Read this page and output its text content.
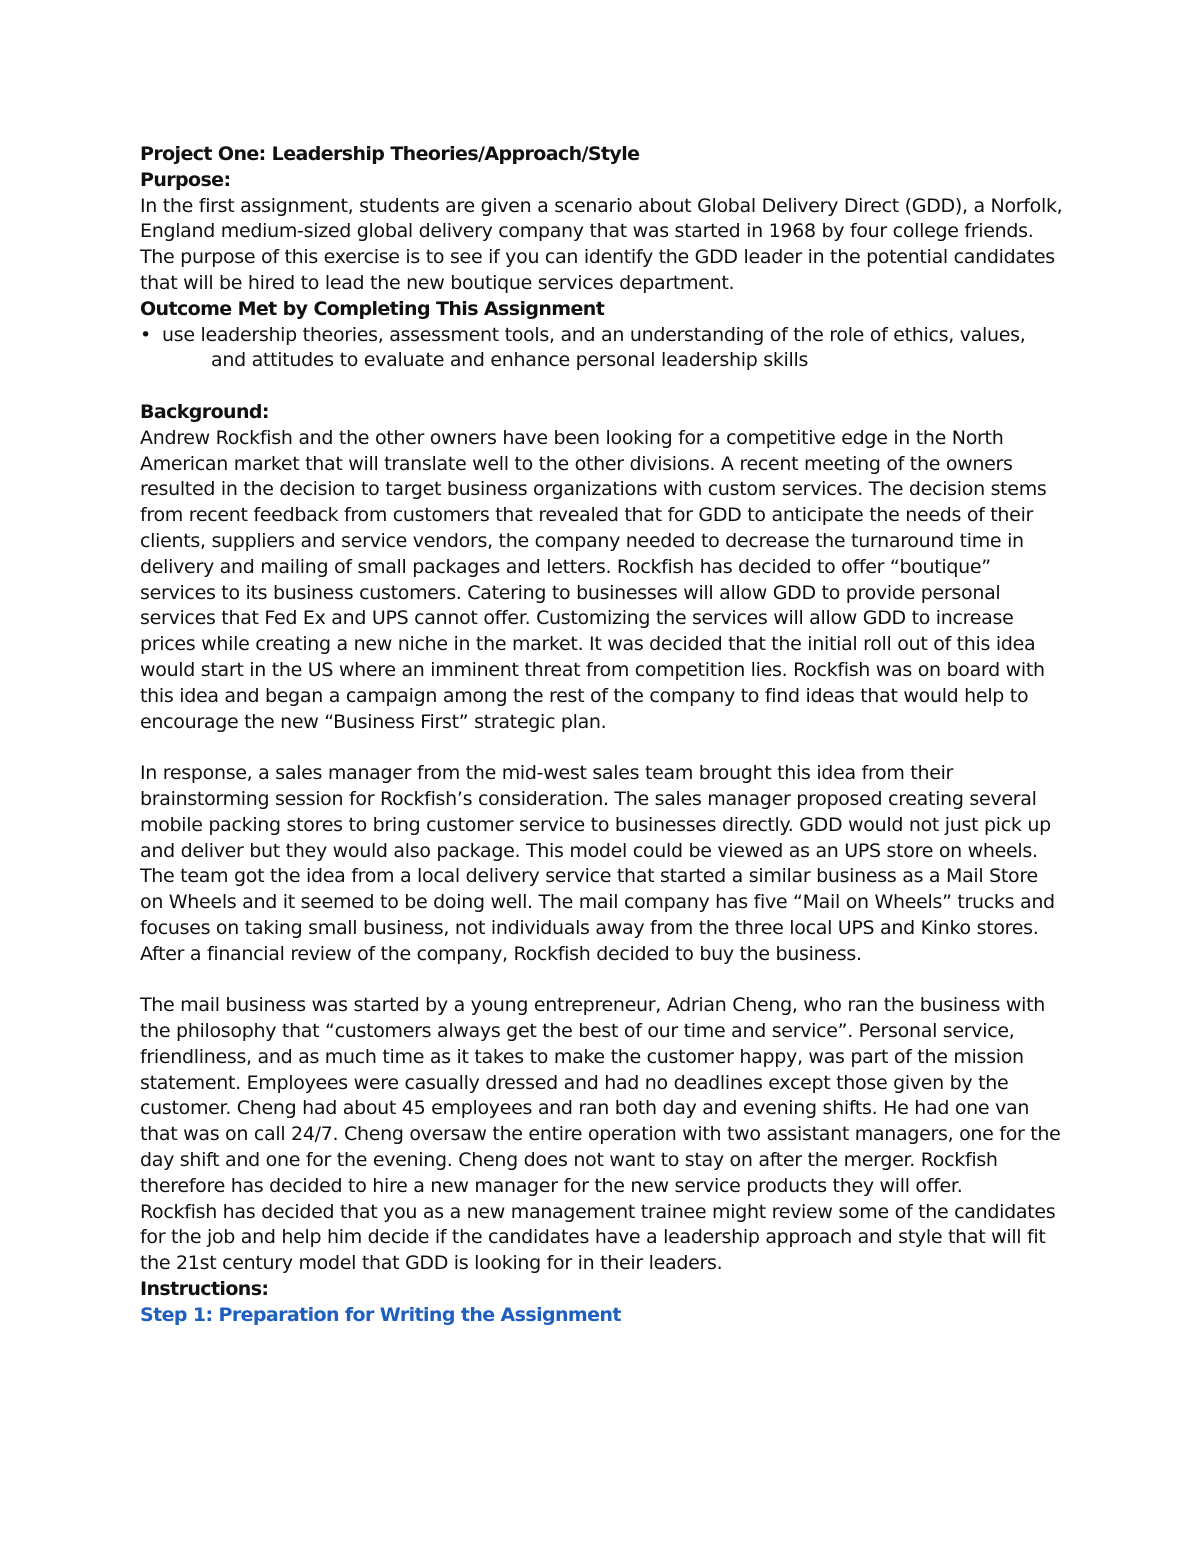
Project One: Leadership Theories/Approach/Style
Purpose:

In the first assignment, students are given a scenario about Global Delivery Direct (GDD), a Norfolk, England medium-sized global delivery company that was started in 1968 by four college friends. The purpose of this exercise is to see if you can identify the GDD leader in the potential candidates that will be hired to lead the new boutique services department.

Outcome Met by Completing This Assignment
• use leadership theories, assessment tools, and an understanding of the role of ethics, values,
and attitudes to evaluate and enhance personal leadership skills
Background:

Andrew Rockfish and the other owners have been looking for a competitive edge in the North American market that will translate well to the other divisions. A recent meeting of the owners resulted in the decision to target business organizations with custom services. The decision stems from recent feedback from customers that revealed that for GDD to anticipate the needs of their clients, suppliers and service vendors, the company needed to decrease the turnaround time in delivery and mailing of small packages and letters. Rockfish has decided to offer “boutique” services to its business customers. Catering to businesses will allow GDD to provide personal services that Fed Ex and UPS cannot offer. Customizing the services will allow GDD to increase prices while creating a new niche in the market. It was decided that the initial roll out of this idea would start in the US where an imminent threat from competition lies. Rockfish was on board with this idea and began a campaign among the rest of the company to find ideas that would help to encourage the new “Business First” strategic plan.

In response, a sales manager from the mid-west sales team brought this idea from their brainstorming session for Rockfish’s consideration. The sales manager proposed creating several mobile packing stores to bring customer service to businesses directly. GDD would not just pick up and deliver but they would also package. This model could be viewed as an UPS store on wheels. The team got the idea from a local delivery service that started a similar business as a Mail Store on Wheels and it seemed to be doing well. The mail company has five “Mail on Wheels” trucks and focuses on taking small business, not individuals away from the three local UPS and Kinko stores. After a financial review of the company, Rockfish decided to buy the business.

The mail business was started by a young entrepreneur, Adrian Cheng, who ran the business with the philosophy that “customers always get the best of our time and service”. Personal service, friendliness, and as much time as it takes to make the customer happy, was part of the mission statement. Employees were casually dressed and had no deadlines except those given by the customer. Cheng had about 45 employees and ran both day and evening shifts. He had one van that was on call 24/7. Cheng oversaw the entire operation with two assistant managers, one for the day shift and one for the evening. Cheng does not want to stay on after the merger. Rockfish therefore has decided to hire a new manager for the new service products they will offer.

Rockfish has decided that you as a new management trainee might review some of the candidates for the job and help him decide if the candidates have a leadership approach and style that will fit the 21st century model that GDD is looking for in their leaders.

Instructions:
Step 1: Preparation for Writing the Assignment
